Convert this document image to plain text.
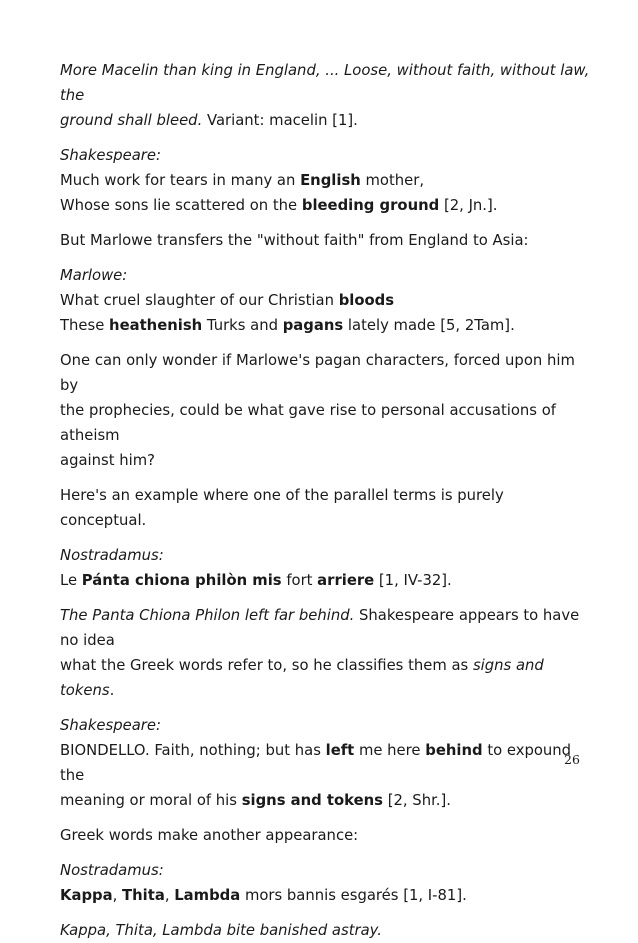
More Macelin than king in England, ... Loose, without faith, without law, the
ground shall bleed. Variant: macelin [1].
Shakespeare:
Much work for tears in many an English mother,
Whose sons lie scattered on the bleeding ground [2, Jn.].
But Marlowe transfers the "without faith" from England to Asia:
Marlowe:
What cruel slaughter of our Christian bloods
These heathenish Turks and pagans lately made [5, 2Tam].
One can only wonder if Marlowe's pagan characters, forced upon him by
the prophecies, could be what gave rise to personal accusations of atheism
against him?
Here's an example where one of the parallel terms is purely conceptual.
Nostradamus:
Le Pánta chiona philòn mis fort arriere [1, IV-32].
The Panta Chiona Philon left far behind. Shakespeare appears to have no idea
what the Greek words refer to, so he classifies them as signs and tokens.
Shakespeare:
BIONDELLO. Faith, nothing; but has left me here behind to expound the
meaning or moral of his signs and tokens [2, Shr.].
Greek words make another appearance:
Nostradamus:
Kappa, Thita, Lambda mors bannis esgarés [1, I-81].
Kappa, Thita, Lambda bite banished astray.
26
